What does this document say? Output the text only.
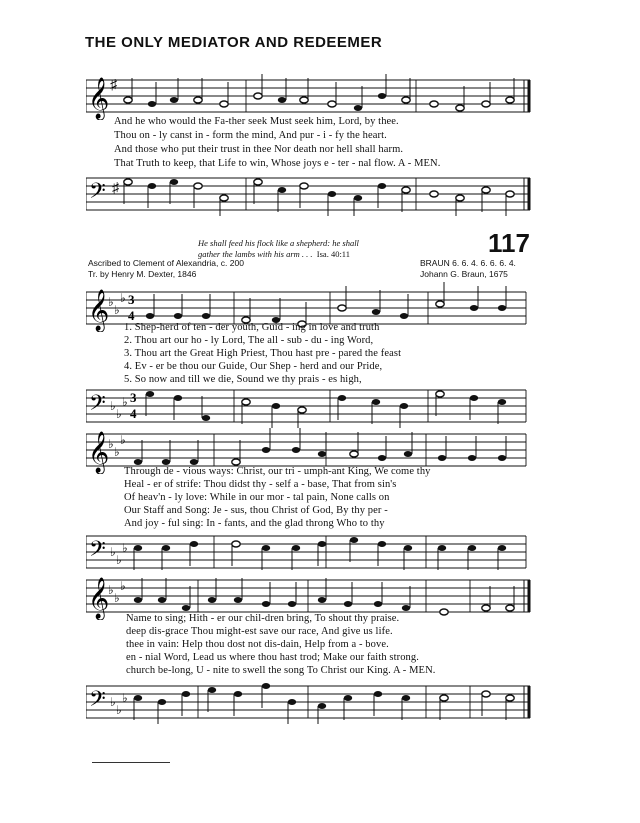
THE ONLY MEDIATOR AND REDEEMER
𝄞 ♯
And he who would the Fa-ther seek Must seek him, Lord, by thee.
Thou on - ly canst in - form the mind, And pur - i - fy the heart.
And those who put their trust in thee Nor death nor hell shall harm.
That Truth to keep, that Life to win, Whose joys e - ter - nal flow. A - MEN.
𝄢 ♯
He shall feed his flock like a shepherd: he shall
gather the lambs with his arm . . . Isa. 40:11	117
Ascribed to Clement of Alexandria, c. 200
Tr. by Henry M. Dexter, 1846
BRAUN 6. 6. 4. 6. 6. 6. 4.
Johann G. Braun, 1675
𝄞
♭
♭
♭ 3
4
1. Shep-herd of ten - der youth, Guid - ing in love and truth
2. Thou art our ho - ly Lord, The all - sub - du - ing Word,
3. Thou art the Great High Priest, Thou hast pre - pared the feast
4. Ev - er be thou our Guide, Our Shep - herd and our Pride,
5. So now and till we die, Sound we thy prais - es high,
𝄢 ♭
♭
♭ 3
4
𝄞
♭
♭
♭
Through de - vious ways: Christ, our tri - umph-ant King, We come thy
Heal - er of strife: Thou didst thy - self a - base, That from sin's
Of heav'n - ly love: While in our mor - tal pain, None calls on
Our Staff and Song: Je - sus, thou Christ of God, By thy per -
And joy - ful sing: In - fants, and the glad throng Who to thy
𝄢 ♭
♭
♭
𝄞
♭
♭
♭
Name to sing; Hith - er our chil-dren bring, To shout thy praise.
deep dis-grace Thou might-est save our race, And give us life.
thee in vain: Help thou dost not dis-dain, Help from a - bove.
en - nial Word, Lead us where thou hast trod; Make our faith strong.
church be-long, U - nite to swell the song To Christ our King. A - MEN.
𝄢 ♭
♭
♭
